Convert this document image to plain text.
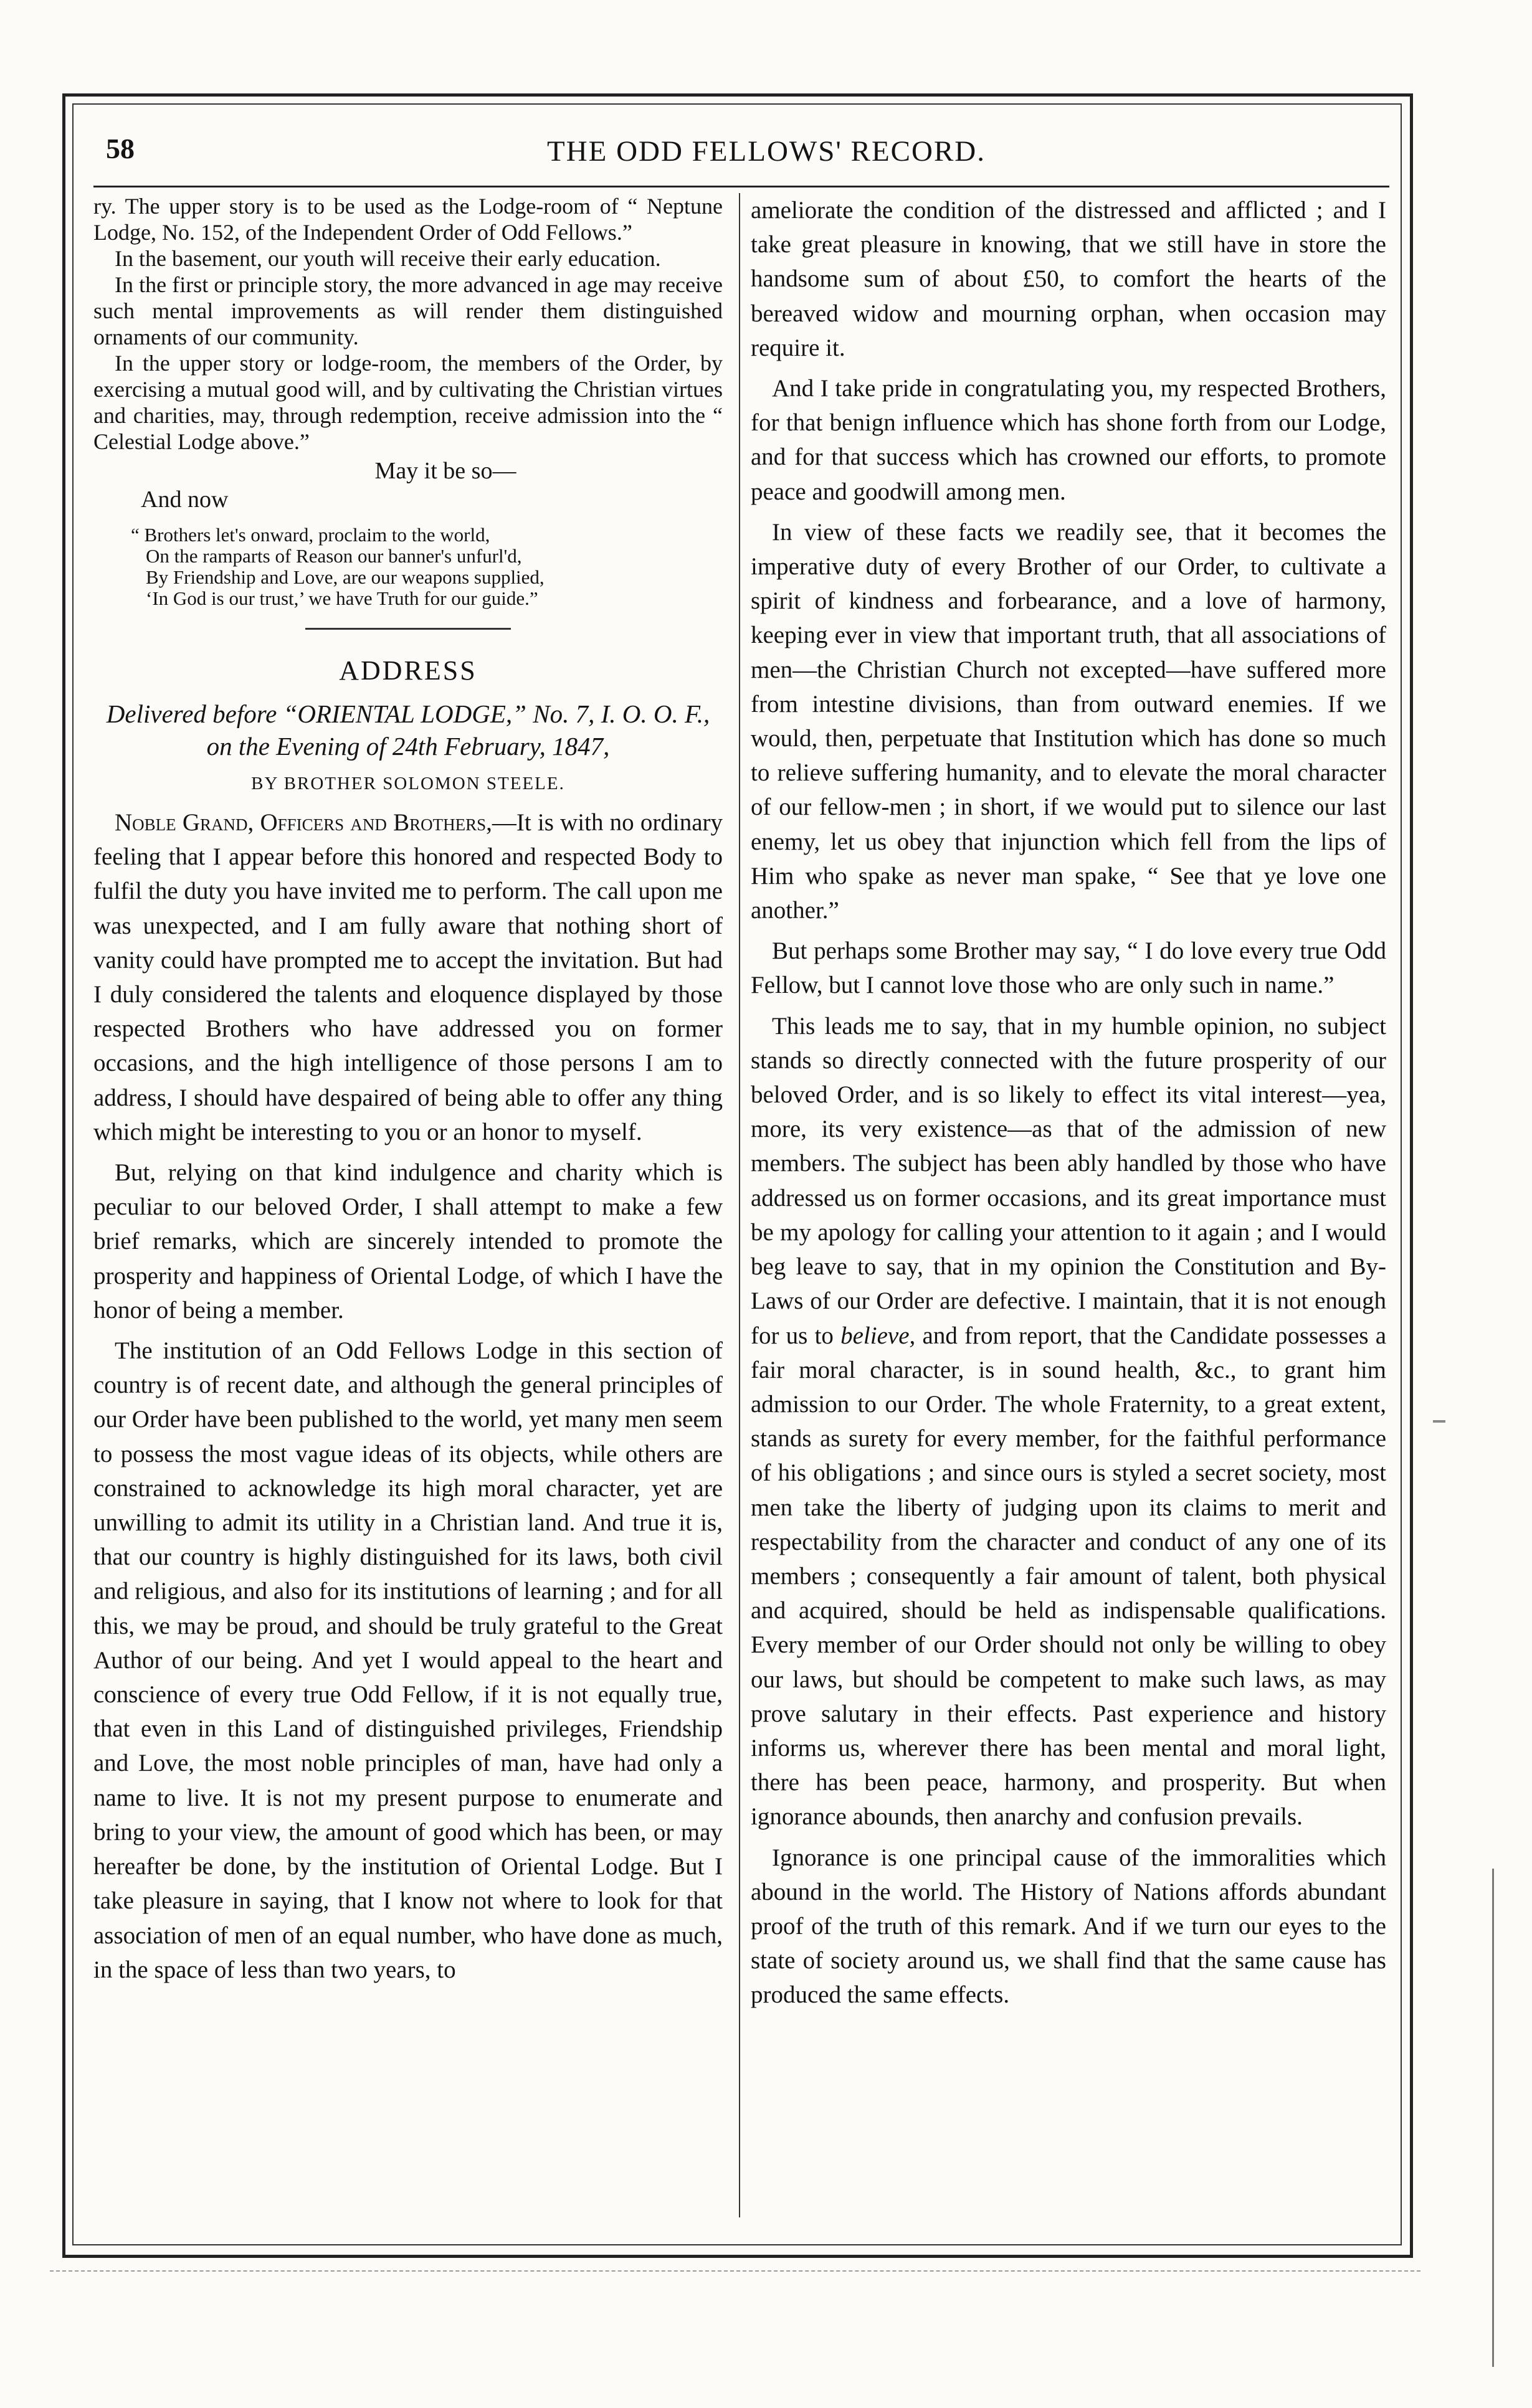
58	THE ODD FELLOWS' RECORD.

ry. The upper story is to be used as the Lodge-room of “ Neptune Lodge, No. 152, of the Independent Order of Odd Fellows.”

In the basement, our youth will receive their early education.

In the first or principle story, the more advanced in age may receive such mental improvements as will render them distinguished ornaments of our community.

In the upper story or lodge-room, the members of the Order, by exercising a mutual good will, and by cultivating the Christian virtues and charities, may, through redemption, receive admission into the “ Celestial Lodge above.”

May it be so—
And now
“ Brothers let's onward, proclaim to the world,
On the ramparts of Reason our banner's unfurl'd,
By Friendship and Love, are our weapons supplied,
‘In God is our trust,’ we have Truth for our guide.”
ADDRESS
Delivered before “ORIENTAL LODGE,” No. 7, I. O. O. F.,
on the Evening of 24th February, 1847,
BY BROTHER SOLOMON STEELE.

Noble Grand, Officers and Brothers,—It is with no ordinary feeling that I appear before this honored and respected Body to fulfil the duty you have invited me to perform. The call upon me was unexpected, and I am fully aware that nothing short of vanity could have prompted me to accept the invitation. But had I duly considered the talents and eloquence displayed by those respected Brothers who have addressed you on former occasions, and the high intelligence of those persons I am to address, I should have despaired of being able to offer any thing which might be interesting to you or an honor to myself.

But, relying on that kind indulgence and charity which is peculiar to our beloved Order, I shall attempt to make a few brief remarks, which are sincerely intended to promote the prosperity and happiness of Oriental Lodge, of which I have the honor of being a member.

The institution of an Odd Fellows Lodge in this section of country is of recent date, and although the general principles of our Order have been published to the world, yet many men seem to possess the most vague ideas of its objects, while others are constrained to acknowledge its high moral character, yet are unwilling to admit its utility in a Christian land. And true it is, that our country is highly distinguished for its laws, both civil and religious, and also for its institutions of learning ; and for all this, we may be proud, and should be truly grateful to the Great Author of our being. And yet I would appeal to the heart and conscience of every true Odd Fellow, if it is not equally true, that even in this Land of distinguished privileges, Friendship and Love, the most noble principles of man, have had only a name to live. It is not my present purpose to enumerate and bring to your view, the amount of good which has been, or may hereafter be done, by the institution of Oriental Lodge. But I take pleasure in saying, that I know not where to look for that association of men of an equal number, who have done as much, in the space of less than two years, to

ameliorate the condition of the distressed and afflicted ; and I take great pleasure in knowing, that we still have in store the handsome sum of about £50, to comfort the hearts of the bereaved widow and mourning orphan, when occasion may require it.

And I take pride in congratulating you, my respected Brothers, for that benign influence which has shone forth from our Lodge, and for that success which has crowned our efforts, to promote peace and goodwill among men.

In view of these facts we readily see, that it becomes the imperative duty of every Brother of our Order, to cultivate a spirit of kindness and forbearance, and a love of harmony, keeping ever in view that important truth, that all associations of men—the Christian Church not excepted—have suffered more from intestine divisions, than from outward enemies. If we would, then, perpetuate that Institution which has done so much to relieve suffering humanity, and to elevate the moral character of our fellow-men ; in short, if we would put to silence our last enemy, let us obey that injunction which fell from the lips of Him who spake as never man spake, “ See that ye love one another.”

But perhaps some Brother may say, “ I do love every true Odd Fellow, but I cannot love those who are only such in name.”

This leads me to say, that in my humble opinion, no subject stands so directly connected with the future prosperity of our beloved Order, and is so likely to effect its vital interest—yea, more, its very existence—as that of the admission of new members. The subject has been ably handled by those who have addressed us on former occasions, and its great importance must be my apology for calling your attention to it again ; and I would beg leave to say, that in my opinion the Constitution and By-Laws of our Order are defective. I maintain, that it is not enough for us to believe, and from report, that the Candidate possesses a fair moral character, is in sound health, &c., to grant him admission to our Order. The whole Fraternity, to a great extent, stands as surety for every member, for the faithful performance of his obligations ; and since ours is styled a secret society, most men take the liberty of judging upon its claims to merit and respectability from the character and conduct of any one of its members ; consequently a fair amount of talent, both physical and acquired, should be held as indispensable qualifications. Every member of our Order should not only be willing to obey our laws, but should be competent to make such laws, as may prove salutary in their effects. Past experience and history informs us, wherever there has been mental and moral light, there has been peace, harmony, and prosperity. But when ignorance abounds, then anarchy and confusion prevails.

Ignorance is one principal cause of the immoralities which abound in the world. The History of Nations affords abundant proof of the truth of this remark. And if we turn our eyes to the state of society around us, we shall find that the same cause has produced the same effects.
